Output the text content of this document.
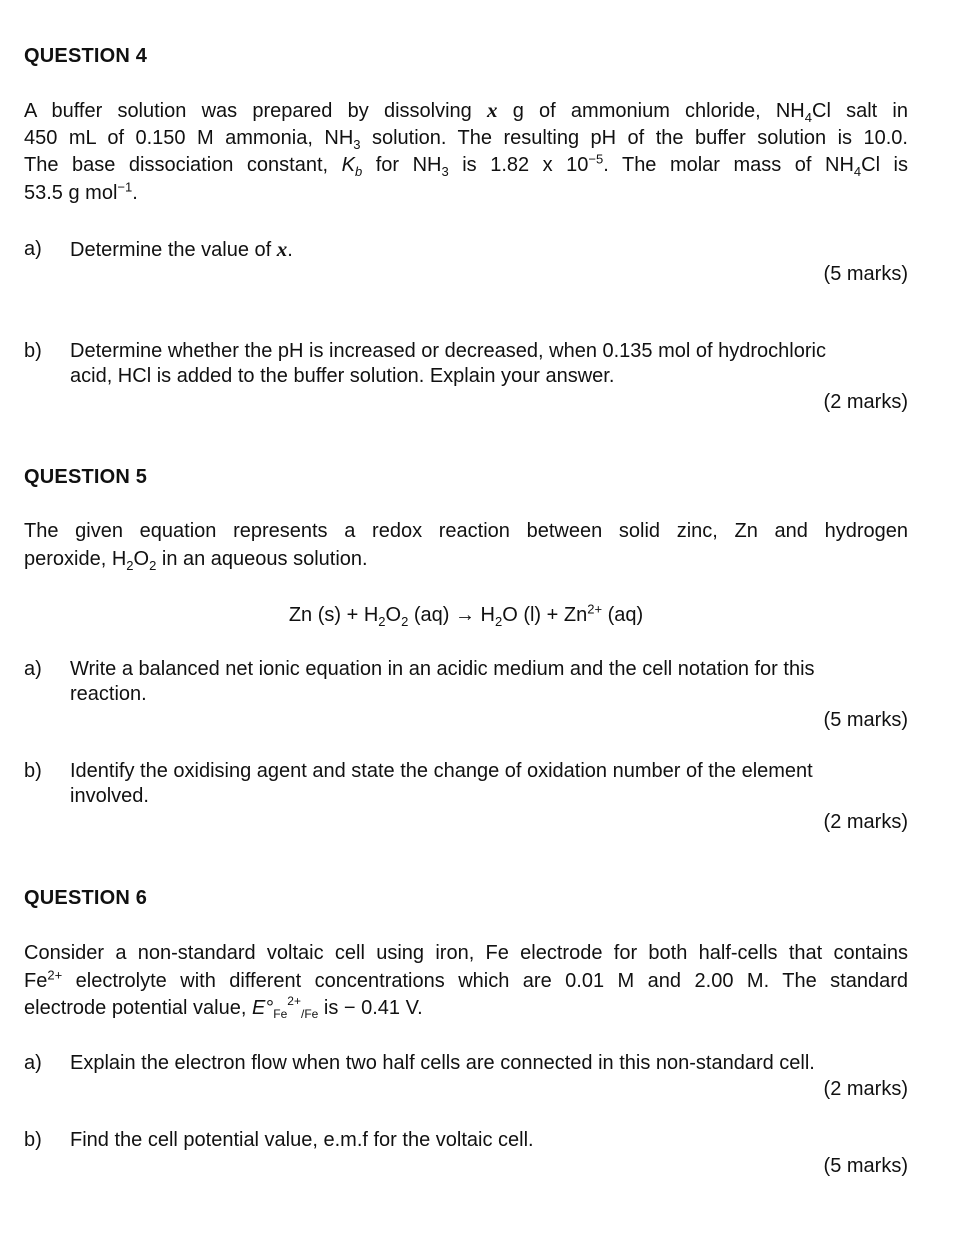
QUESTION 4
A buffer solution was prepared by dissolving x g of ammonium chloride, $NH_4Cl$ salt in
450 mL of 0.150 M ammonia, $NH_3$ solution. The resulting pH of the buffer solution is 10.0.
The base dissociation constant, $K_b$ for $NH_3$ is 1.82 x $10^{-5}$. The molar mass of $NH_4Cl$ is
53.5 g mol$^{-1}$.
a)	Determine the value of x.
(5 marks)
b)	Determine whether the pH is increased or decreased, when 0.135 mol of hydrochloric
acid, HCl is added to the buffer solution. Explain your answer.
(2 marks)
QUESTION 5
The given equation represents a redox reaction between solid zinc, Zn and hydrogen
peroxide, $H_2O_2$ in an aqueous solution.
Zn $(s) + H_2O_2$ $(aq) \to H_2O$ $(l) + Zn^{2+}$ (aq)
a)	Write a balanced net ionic equation in an acidic medium and the cell notation for this
reaction.
(5 marks)
b)	Identify the oxidising agent and state the change of oxidation number of the element
involved.
(2 marks)
QUESTION 6
Consider a non-standard voltaic cell using iron, Fe electrode for both half-cells that contains
$Fe^{2+}$ electrolyte with different concentrations which are 0.01 M and 2.00 M. The standard
electrode potential value, $E^\circ_{Fe}^{2+}_{/Fe}$ is − 0.41 V.
a)	Explain the electron flow when two half cells are connected in this non-standard cell.
(2 marks)
b)	Find the cell potential value, e.m.f for the voltaic cell.
(5 marks)
